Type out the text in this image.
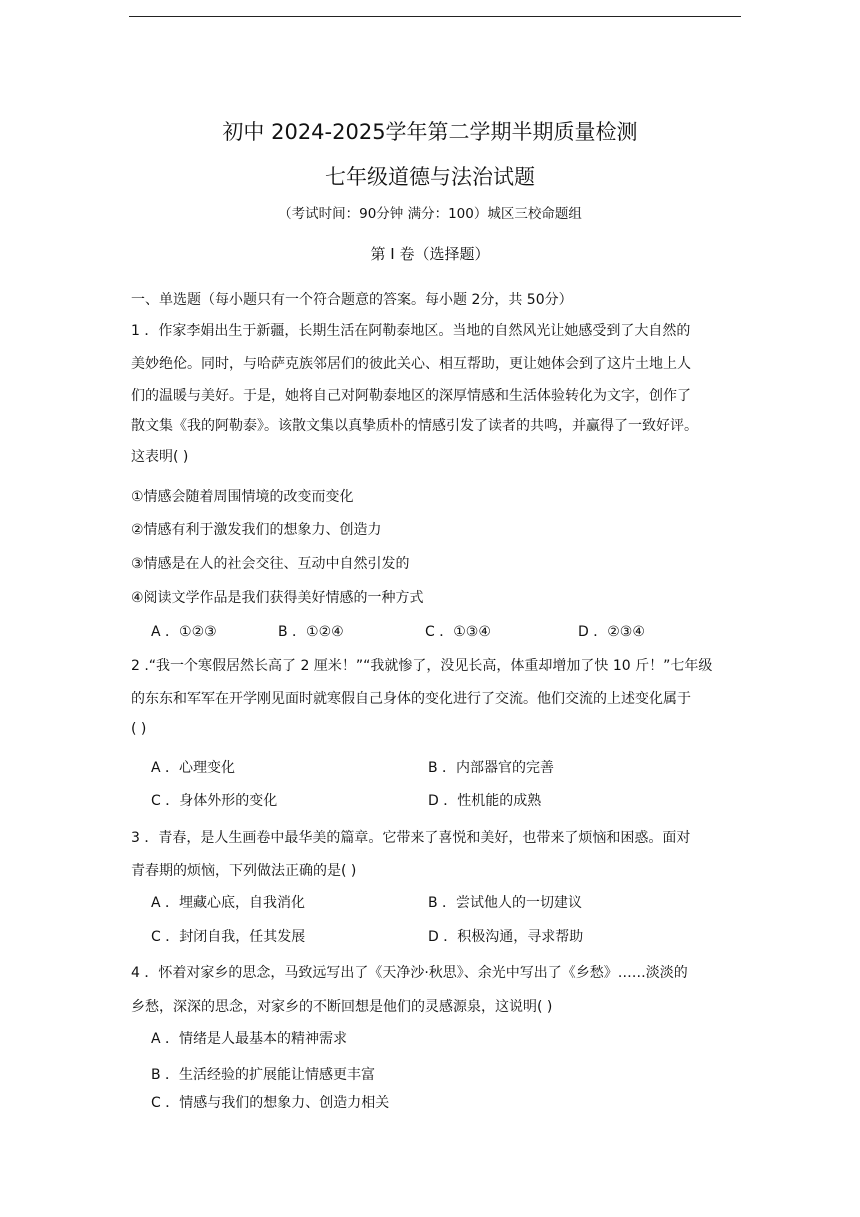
初中 2024-2025学年第二学期半期质量检测
七年级道德与法治试题
（考试时间：90分钟 满分：100）城区三校命题组
第 I 卷（选择题）
一、单选题（每小题只有一个符合题意的答案。每小题 2分，共 50分）
1 ．作家李娟出生于新疆，长期生活在阿勒泰地区。当地的自然风光让她感受到了大自然的
美妙绝伦。同时，与哈萨克族邻居们的彼此关心、相互帮助，更让她体会到了这片土地上人
们的温暖与美好。于是，她将自己对阿勒泰地区的深厚情感和生活体验转化为文字，创作了
散文集《我的阿勒泰》。该散文集以真挚质朴的情感引发了读者的共鸣，并赢得了一致好评。
这表明( )
①情感会随着周围情境的改变而变化
②情感有利于激发我们的想象力、创造力
③情感是在人的社会交往、互动中自然引发的
④阅读文学作品是我们获得美好情感的一种方式
A ．①②③	B ．①②④	C ．①③④	D ．②③④
2 .“我一个寒假居然长高了 2 厘米！”“我就惨了，没见长高，体重却增加了快 10 斤！”七年级
的东东和军军在开学刚见面时就寒假自己身体的变化进行了交流。他们交流的上述变化属于
( )
A ．心理变化	B ．内部器官的完善
C ．身体外形的变化	D ．性机能的成熟
3 ．青春，是人生画卷中最华美的篇章。它带来了喜悦和美好，也带来了烦恼和困惑。面对
青春期的烦恼，下列做法正确的是( )
A ．埋藏心底，自我消化	B ．尝试他人的一切建议
C ．封闭自我，任其发展	D ．积极沟通，寻求帮助
4 ．怀着对家乡的思念，马致远写出了《天净沙·秋思》、余光中写出了《乡愁》……淡淡的
乡愁，深深的思念，对家乡的不断回想是他们的灵感源泉，这说明( )
A ．情绪是人最基本的精神需求
B ．生活经验的扩展能让情感更丰富
C ．情感与我们的想象力、创造力相关
